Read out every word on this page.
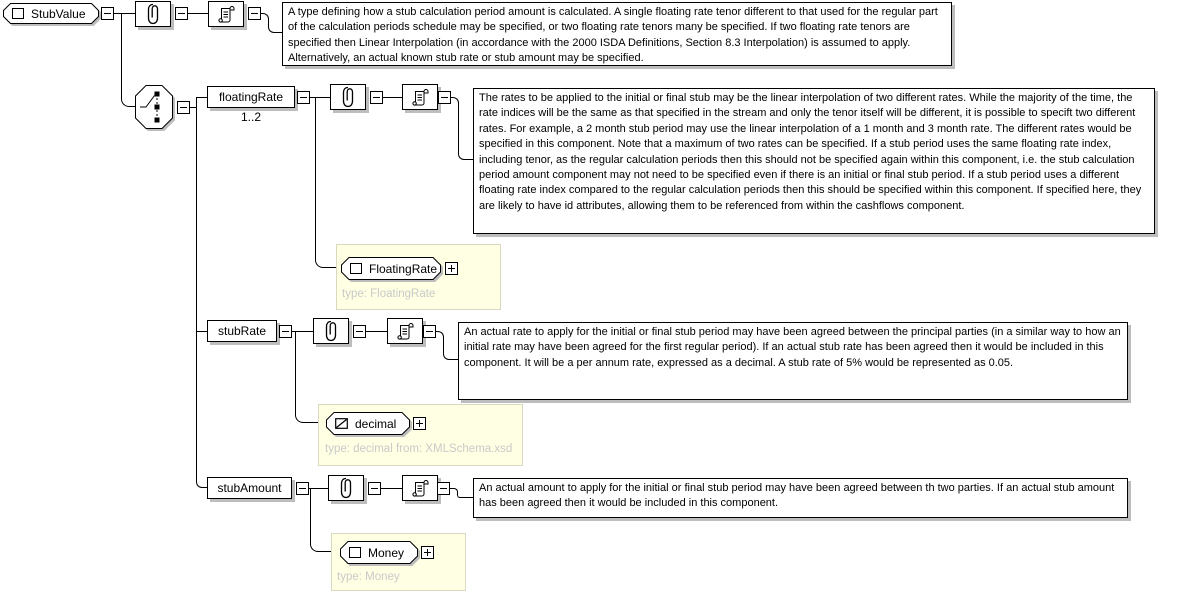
StubValue	A type defining how a stub calculation period amount is calculated. A single floating rate tenor different to that used for the regular part of the calculation periods schedule may be specified, or two floating rate tenors many be specified. If two floating rate tenors are specified then Linear Interpolation (in accordance with the 2000 ISDA Definitions, Section 8.3 Interpolation) is assumed to apply. Alternatively, an actual known stub rate or stub amount may be specified.
floatingRate
1..2
The rates to be applied to the initial or final stub may be the linear interpolation of two different rates. While the majority of the time, the rate indices will be the same as that specified in the stream and only the tenor itself will be different, it is possible to specift two different rates. For example, a 2 month stub period may use the linear interpolation of a 1 month and 3 month rate. The different rates would be specified in this component. Note that a maximum of two rates can be specified. If a stub period uses the same floating rate index, including tenor, as the regular calculation periods then this should not be specified again within this component, i.e. the stub calculation period amount component may not need to be specified even if there is an initial or final stub period. If a stub period uses a different floating rate index compared to the regular calculation periods then this should be specified within this component. If specified here, they are likely to have id attributes, allowing them to be referenced from within the cashflows component.
FloatingRate
type: FloatingRate
stubRate	An actual rate to apply for the initial or final stub period may have been agreed between the principal parties (in a similar way to how an initial rate may have been agreed for the first regular period). If an actual stub rate has been agreed then it would be included in this component. It will be a per annum rate, expressed as a decimal. A stub rate of 5% would be represented as 0.05.
decimal
type: decimal from: XMLSchema.xsd
stubAmount	An actual amount to apply for the initial or final stub period may have been agreed between th two parties. If an actual stub amount has been agreed then it would be included in this component.
Money
type: Money
